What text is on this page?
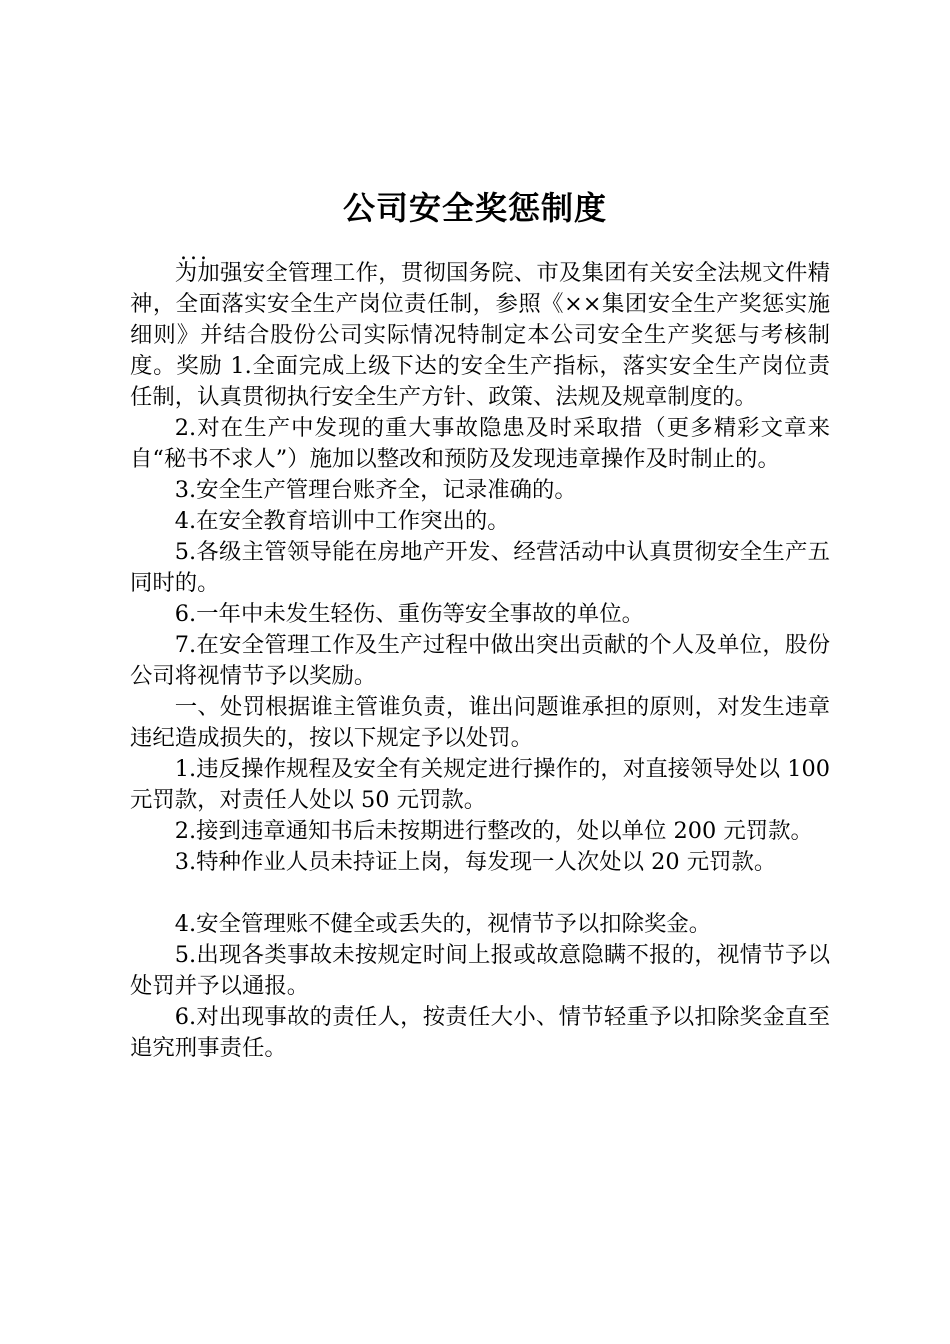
公司安全奖惩制度
...

为加强安全管理工作，贯彻国务院、市及集团有关安全法规文件精神，全面落实安全生产岗位责任制，参照《××集团安全生产奖惩实施细则》并结合股份公司实际情况特制定本公司安全生产奖惩与考核制度。奖励 1.全面完成上级下达的安全生产指标，落实安全生产岗位责任制，认真贯彻执行安全生产方针、政策、法规及规章制度的。

2.对在生产中发现的重大事故隐患及时采取措（更多精彩文章来自“秘书不求人”）施加以整改和预防及发现违章操作及时制止的。

3.安全生产管理台账齐全，记录准确的。

4.在安全教育培训中工作突出的。

5.各级主管领导能在房地产开发、经营活动中认真贯彻安全生产五同时的。

6.一年中未发生轻伤、重伤等安全事故的单位。

7.在安全管理工作及生产过程中做出突出贡献的个人及单位，股份公司将视情节予以奖励。

一、处罚根据谁主管谁负责，谁出问题谁承担的原则，对发生违章违纪造成损失的，按以下规定予以处罚。

1.违反操作规程及安全有关规定进行操作的，对直接领导处以 100 元罚款，对责任人处以 50 元罚款。

2.接到违章通知书后未按期进行整改的，处以单位 200 元罚款。

3.特种作业人员未持证上岗，每发现一人次处以 20 元罚款。

4.安全管理账不健全或丢失的，视情节予以扣除奖金。

5.出现各类事故未按规定时间上报或故意隐瞒不报的，视情节予以处罚并予以通报。

6.对出现事故的责任人，按责任大小、情节轻重予以扣除奖金直至追究刑事责任。
